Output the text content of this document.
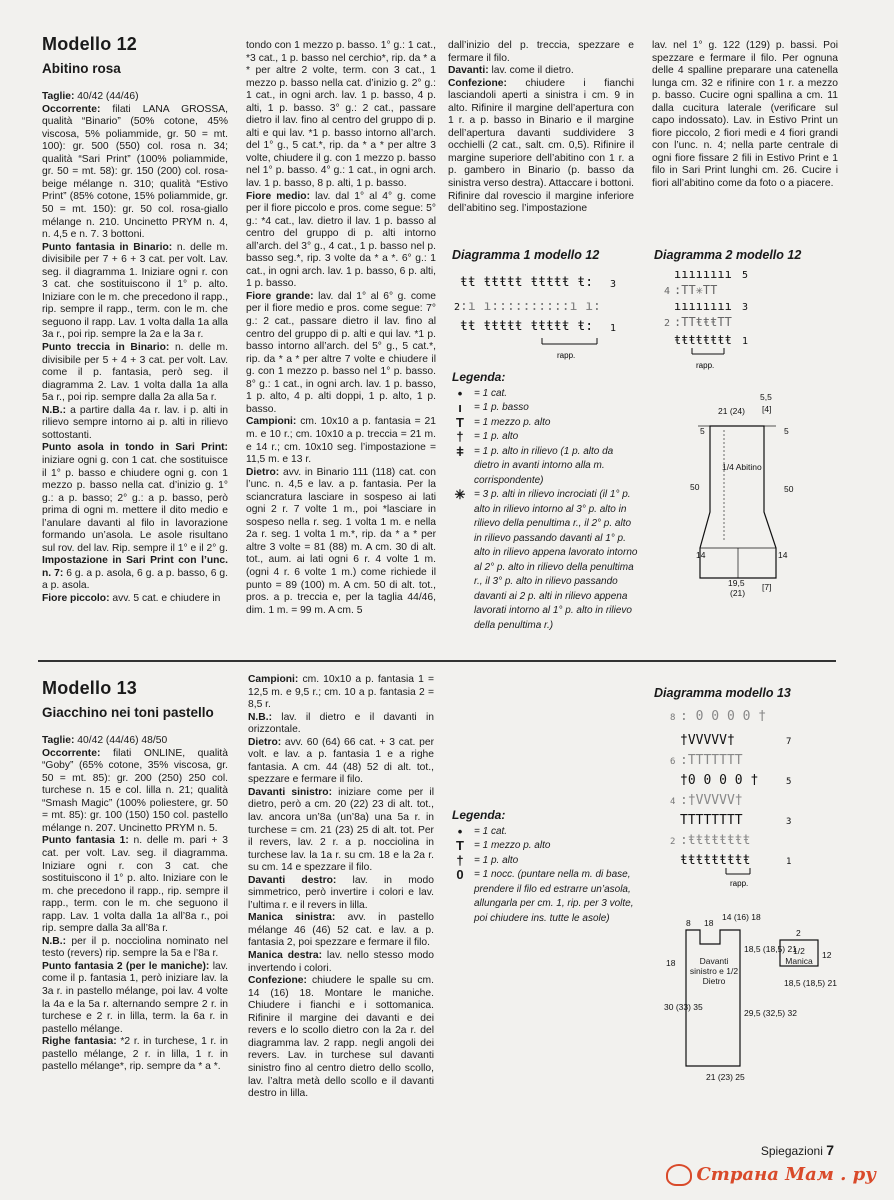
Modello 12
Abitino rosa

Taglie: 40/42 (44/46)

Occorrente: filati LANA GROSSA, qualità “Binario” (50% cotone, 45% viscosa, 5% poliammide, gr. 50 = mt. 100): gr. 500 (550) col. rosa n. 34; qualità “Sari Print” (100% poliammide, gr. 50 = mt. 58): gr. 150 (200) col. rosa-beige mélange n. 310; qualità “Estivo Print” (85% cotone, 15% poliammide, gr. 50 = mt. 150): gr. 50 col. rosa-giallo mélange n. 210. Uncinetto PRYM n. 4, n. 4,5 e n. 7. 3 bottoni.

Punto fantasia in Binario: n. delle m. divisibile per 7 + 6 + 3 cat. per volt. Lav. seg. il diagramma 1. Iniziare ogni r. con 3 cat. che sostituiscono il 1° p. alto. Iniziare con le m. che precedono il rapp., rip. sempre il rapp., term. con le m. che seguono il rapp. Lav. 1 volta dalla 1a alla 3a r., poi rip. sempre la 2a e la 3a r.

Punto treccia in Binario: n. delle m. divisibile per 5 + 4 + 3 cat. per volt. Lav. come il p. fantasia, però seg. il diagramma 2. Lav. 1 volta dalla 1a alla 5a r., poi rip. sempre dalla 2a alla 5a r.

N.B.: a partire dalla 4a r. lav. i p. alti in rilievo sempre intorno ai p. alti in rilievo sottostanti.

Punto asola in tondo in Sari Print: iniziare ogni g. con 1 cat. che sostituisce il 1° p. basso e chiudere ogni g. con 1 mezzo p. basso nella cat. d’inizio g. 1° g.: a p. basso; 2° g.: a p. basso, però prima di ogni m. mettere il dito medio e l’anulare davanti al filo in lavorazione formando un’asola. Le asole risultano sul rov. del lav. Rip. sempre il 1° e il 2° g.

Impostazione in Sari Print con l’unc. n. 7: 6 g. a p. asola, 6 g. a p. basso, 6 g. a p. asola.

Fiore piccolo: avv. 5 cat. e chiudere in

tondo con 1 mezzo p. basso. 1° g.: 1 cat., *3 cat., 1 p. basso nel cerchio*, rip. da * a * per altre 2 volte, term. con 3 cat., 1 mezzo p. basso nella cat. d’inizio g. 2° g.: 1 cat., in ogni arch. lav. 1 p. basso, 4 p. alti, 1 p. basso. 3° g.: 2 cat., passare dietro il lav. fino al centro del gruppo di p. alti e qui lav. *1 p. basso intorno all’arch. del 1° g., 5 cat.*, rip. da * a * per altre 3 volte, chiudere il g. con 1 mezzo p. basso nel 1° p. basso. 4° g.: 1 cat., in ogni arch. lav. 1 p. basso, 8 p. alti, 1 p. basso.

Fiore medio: lav. dal 1° al 4° g. come per il fiore piccolo e pros. come segue: 5° g.: *4 cat., lav. dietro il lav. 1 p. basso al centro del gruppo di p. alti intorno all’arch. del 3° g., 4 cat., 1 p. basso nel p. basso seg.*, rip. 3 volte da * a *. 6° g.: 1 cat., in ogni arch. lav. 1 p. basso, 6 p. alti, 1 p. basso.

Fiore grande: lav. dal 1° al 6° g. come per il fiore medio e pros. come segue: 7° g.: 2 cat., passare dietro il lav. fino al centro del gruppo di p. alti e qui lav. *1 p. basso intorno all’arch. del 5° g., 5 cat.*, rip. da * a * per altre 7 volte e chiudere il g. con 1 mezzo p. basso nel 1° p. basso. 8° g.: 1 cat., in ogni arch. lav. 1 p. basso, 1 p. alto, 4 p. alti doppi, 1 p. alto, 1 p. basso.

Campioni: cm. 10x10 a p. fantasia = 21 m. e 10 r.; cm. 10x10 a p. treccia = 21 m. e 14 r.; cm. 10x10 seg. l’impostazione = 11,5 m. e 13 r.

Dietro: avv. in Binario 111 (118) cat. con l’unc. n. 4,5 e lav. a p. fantasia. Per la sciancratura lasciare in sospeso ai lati ogni 2 r. 7 volte 1 m., poi *lasciare in sospeso nella r. seg. 1 volta 1 m. e nella 2a r. seg. 1 volta 1 m.*, rip. da * a * per altre 3 volte = 81 (88) m. A cm. 30 di alt. tot., aum. ai lati ogni 6 r. 4 volte 1 m. (ogni 4 r. 6 volte 1 m.) come richiede il punto = 89 (100) m. A cm. 50 di alt. tot., pros. a p. treccia e, per la taglia 44/46, dim. 1 m. = 99 m. A cm. 5

dall’inizio del p. treccia, spezzare e fermare il filo.

Davanti: lav. come il dietro.

Confezione: chiudere i fianchi lasciandoli aperti a sinistra i cm. 9 in alto. Rifinire il margine dell’apertura con 1 r. a p. basso in Binario e il margine dell’apertura davanti suddividere 3 occhielli (2 cat., salt. cm. 0,5). Rifinire il margine superiore dell’abitino con 1 r. a p. gambero in Binario (p. basso da sinistra verso destra). Attaccare i bottoni. Rifinire dal rovescio il margine inferiore dell’abitino seg. l’impostazione

lav. nel 1° g. 122 (129) p. bassi. Poi spezzare e fermare il filo. Per ognuna delle 4 spalline preparare una catenella lunga cm. 32 e rifinire con 1 r. a mezzo p. basso. Cucire ogni spallina a cm. 11 dalla cucitura laterale (verificare sul capo indossato). Lav. in Estivo Print un fiore piccolo, 2 fiori medi e 4 fiori grandi con l’unc. n. 4; nella parte centrale di ogni fiore fissare 2 fili in Estivo Print e 1 filo in Sari Print lunghi cm. 26. Cucire i fiori all’abitino come da foto o a piacere.

Diagramma 1 modello 12
ŧŧ ŧŧŧŧŧ ŧŧŧŧŧ ŧ: 3
2 :ı ı::::::::::ı ı:
ŧŧ ŧŧŧŧŧ ŧŧŧŧŧ ŧ: 1
rapp.
Diagramma 2 modello 12
ıııııııı 5
4 :TT✳TT
ıııııııı 3
2 :TTŧŧŧTT
ŧŧŧŧŧŧŧŧ 1
rapp.
Legenda:
•	= 1 cat.
ı	= 1 p. basso
T	= 1 mezzo p. alto
†	= 1 p. alto
ǂ	= 1 p. alto in rilievo (1 p. alto da dietro in avanti intorno alla m. corrispondente)
✳ = 3 p. alti in rilievo incrociati (il 1° p. alto in rilievo intorno al 3° p. alto in rilievo della penultima r., il 2° p. alto in rilievo passando davanti al 1° p. alto in rilievo appena lavorato intorno al 2° p. alto in rilievo della penultima r., il 3° p. alto in rilievo passando davanti ai 2 p. alti in rilievo appena lavorati intorno al 1° p. alto in rilievo della penultima r.)
5,5
[4]
21 (24)
5	5
50	50
1/4 Abitino
14	14
19,5
(21)
[7]
Modello 13
Giacchino nei toni pastello

Taglie: 40/42 (44/46) 48/50

Occorrente: filati ONLINE, qualità “Goby” (65% cotone, 35% viscosa, gr. 50 = mt. 85): gr. 200 (250) 250 col. turchese n. 15 e col. lilla n. 21; qualità “Smash Magic” (100% poliestere, gr. 50 = mt. 85): gr. 100 (150) 150 col. pastello mélange n. 207. Uncinetto PRYM n. 5.

Punto fantasia 1: n. delle m. pari + 3 cat. per volt. Lav. seg. il diagramma. Iniziare ogni r. con 3 cat. che sostituiscono il 1° p. alto. Iniziare con le m. che precedono il rapp., rip. sempre il rapp., term. con le m. che seguono il rapp. Lav. 1 volta dalla 1a all’8a r., poi rip. sempre dalla 3a all’8a r.

N.B.: per il p. nocciolina nominato nel testo (revers) rip. sempre la 5a e l’8a r.

Punto fantasia 2 (per le maniche): lav. come il p. fantasia 1, però iniziare lav. la 3a r. in pastello mélange, poi lav. 4 volte la 4a e la 5a r. alternando sempre 2 r. in turchese e 2 r. in lilla, term. la 6a r. in pastello mélange.

Righe fantasia: *2 r. in turchese, 1 r. in pastello mélange, 2 r. in lilla, 1 r. in pastello mélange*, rip. sempre da * a *.

Campioni: cm. 10x10 a p. fantasia 1 = 12,5 m. e 9,5 r.; cm. 10 a p. fantasia 2 = 8,5 r.

N.B.: lav. il dietro e il davanti in orizzontale.

Dietro: avv. 60 (64) 66 cat. + 3 cat. per volt. e lav. a p. fantasia 1 e a righe fantasia. A cm. 44 (48) 52 di alt. tot., spezzare e fermare il filo.

Davanti sinistro: iniziare come per il dietro, però a cm. 20 (22) 23 di alt. tot., lav. ancora un’8a (un’8a) una 5a r. in turchese = cm. 21 (23) 25 di alt. tot. Per il revers, lav. 2 r. a p. nocciolina in turchese lav. la 1a r. su cm. 18 e la 2a r. su cm. 14 e spezzare il filo.

Davanti destro: lav. in modo simmetrico, però invertire i colori e lav. l’ultima r. e il revers in lilla.

Manica sinistra: avv. in pastello mélange 46 (46) 52 cat. e lav. a p. fantasia 2, poi spezzare e fermare il filo.

Manica destra: lav. nello stesso modo invertendo i colori.

Confezione: chiudere le spalle su cm. 14 (16) 18. Montare le maniche. Chiudere i fianchi e i sottomanica. Rifinire il margine dei davanti e dei revers e lo scollo dietro con la 2a r. del diagramma lav. 2 rapp. negli angoli dei revers. Lav. in turchese sul davanti sinistro fino al centro dietro dello scollo, lav. l’altra metà dello scollo e il davanti destro in lilla.

Diagramma modello 13
8 : 0 0 0 0 †
†VVVVV†	7
6 :TTTTTTT
†0 0 0 0 †	5
4 :†VVVVV†
TTTTTTTT	3
2 :ŧŧŧŧŧŧŧŧ
ŧŧŧŧŧŧŧŧŧ	1
rapp.
Legenda:
•	= 1 cat.
T	= 1 mezzo p. alto
†	= 1 p. alto
0	= 1 nocc. (puntare nella m. di base, prendere il filo ed estrarre un’asola, allungarla per cm. 1, rip. per 3 volte, poi chiudere ins. tutte le asole)	8 18
14 (16) 18
18,5 (18,5) 21
18
30 (33) 35
29,5 (32,5) 32
21 (23) 25
12
18,5 (18,5) 21
2
Davanti sinistro e 1/2 Dietro
1/2 Manica
Spiegazioni 7
Страна Мам . ру
